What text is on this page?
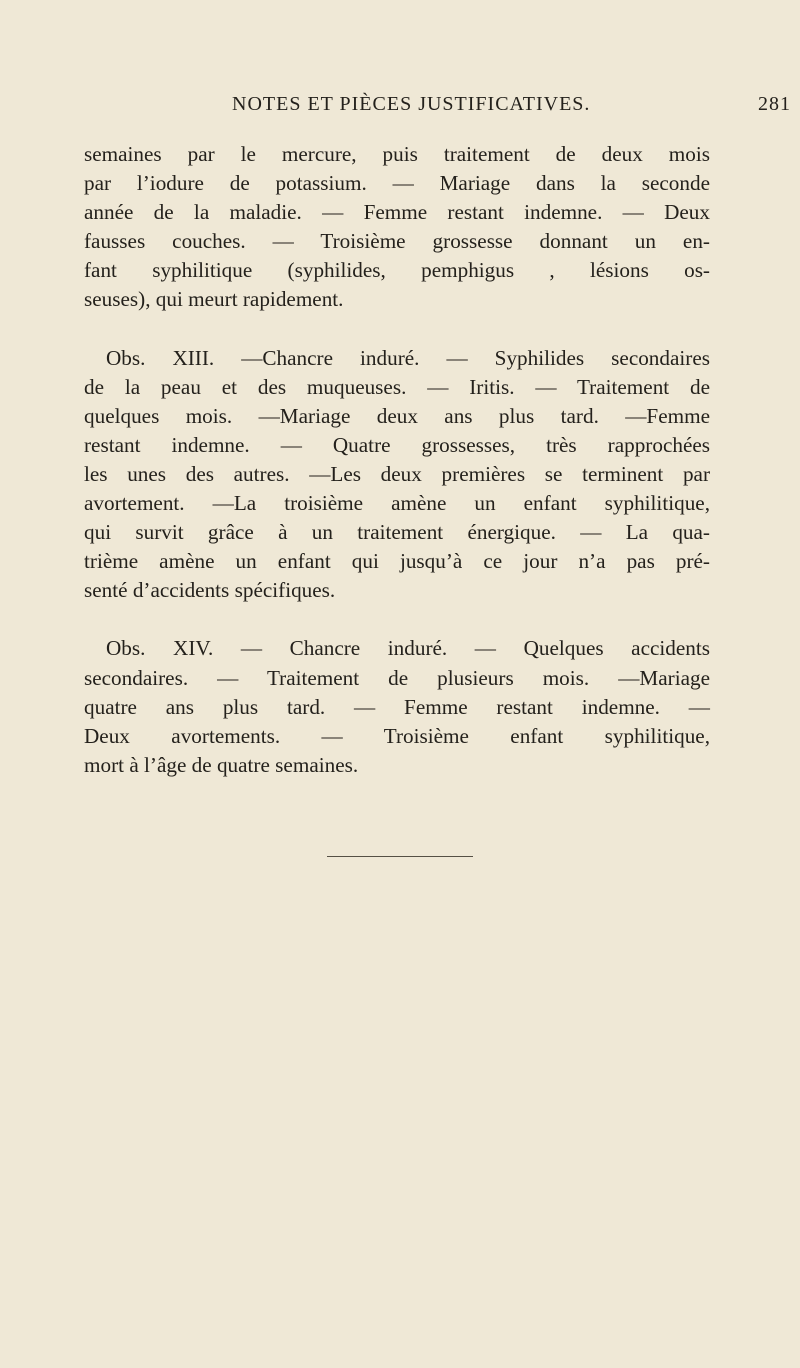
NOTES ET PIÈCES JUSTIFICATIVES.	281
semaines par le mercure, puis traitement de deux mois
par l’iodure de potassium. — Mariage dans la seconde
année de la maladie. — Femme restant indemne. — Deux
fausses couches. — Troisième grossesse donnant un en-
fant syphilitique (syphilides, pemphigus , lésions os-
seuses), qui meurt rapidement.
Obs. XIII. —Chancre induré. — Syphilides secondaires
de la peau et des muqueuses. — Iritis. — Traitement de
quelques mois. —Mariage deux ans plus tard. —Femme
restant indemne. — Quatre grossesses, très rapprochées
les unes des autres. —Les deux premières se terminent par
avortement. —La troisième amène un enfant syphilitique,
qui survit grâce à un traitement énergique. — La qua-
trième amène un enfant qui jusqu’à ce jour n’a pas pré-
senté d’accidents spécifiques.
Obs. XIV. — Chancre induré. — Quelques accidents
secondaires. — Traitement de plusieurs mois. —Mariage
quatre ans plus tard. — Femme restant indemne. —
Deux avortements. — Troisième enfant syphilitique,
mort à l’âge de quatre semaines.
